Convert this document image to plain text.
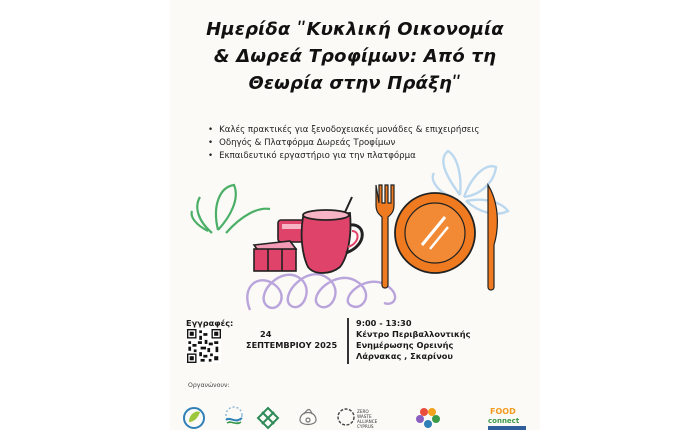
Ημερίδα ʺΚυκλική Οικονομία
& Δωρεά Τροφίμων: Από τη
Θεωρία στην Πράξηʺ
• Καλές πρακτικές για ξενοδοχειακές μονάδες & επιχειρήσεις
• Οδηγός & Πλατφόρμα Δωρεάς Τροφίμων
• Εκπαιδευτικό εργαστήριο για την πλατφόρμα
Εγγραφές:
24
ΣΕΠΤΕΜΒΡΙΟΥ 2025
9:00 - 13:30
Κέντρο Περιβαλλοντικής
Ενημέρωσης Ορεινής
Λάρνακας , Σκαρίνου
Οργανώνουν:
ZERO
WASTE
ALLIANCE
CYPRUS
FOOD
connect
